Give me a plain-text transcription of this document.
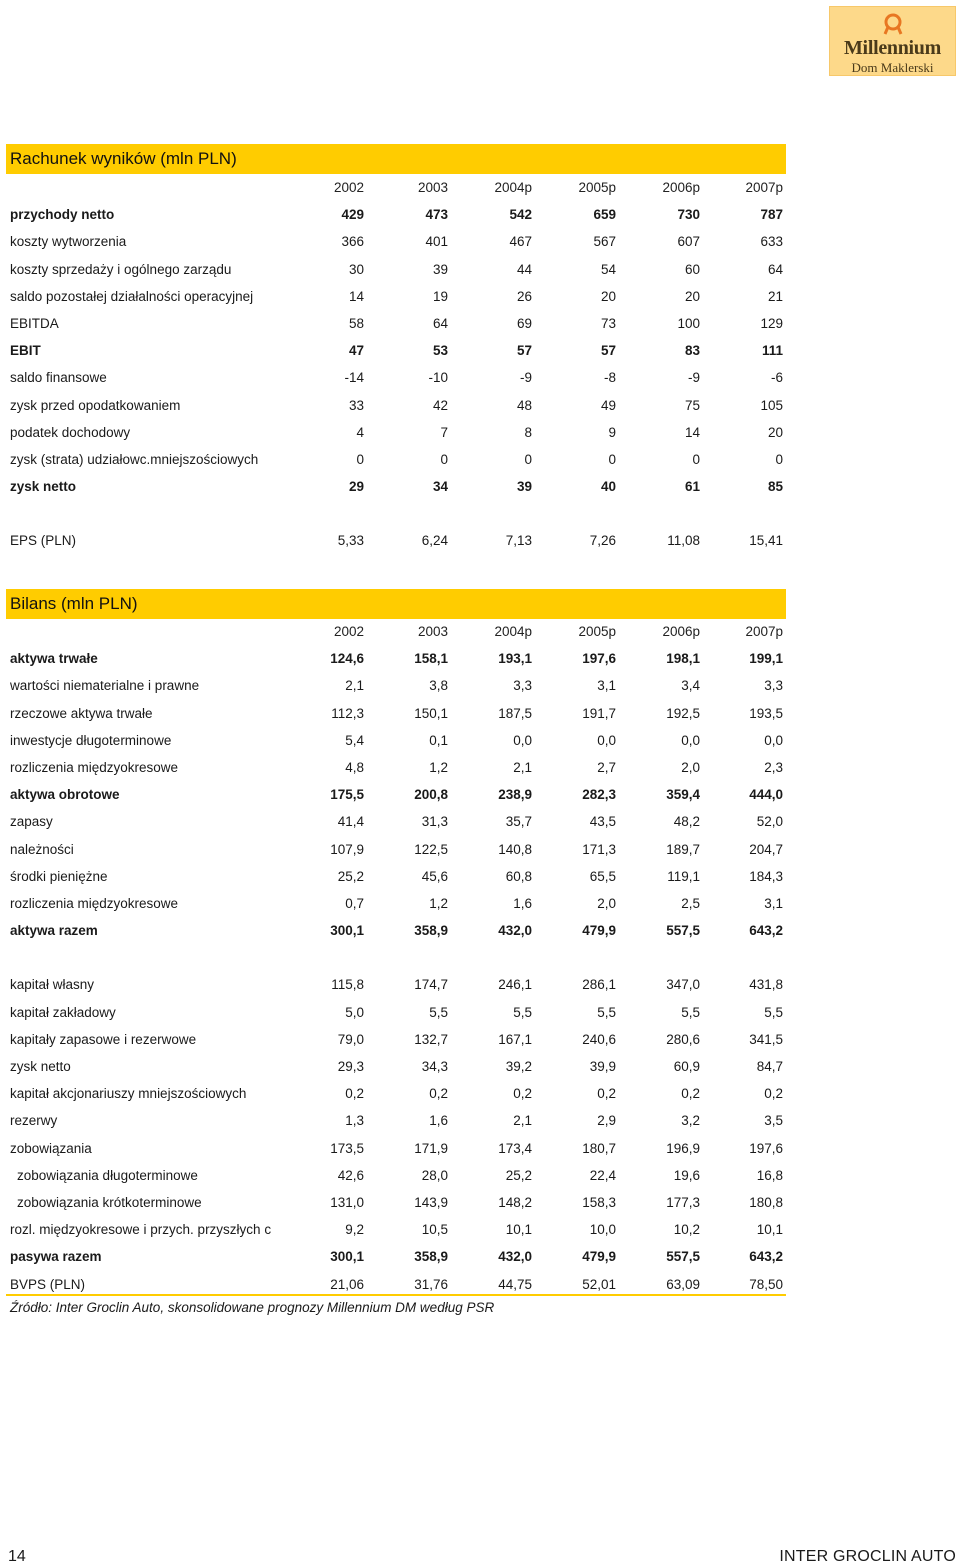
Millennium
Dom Maklerski
Rachunek wyników (mln PLN)
2002	2003	2004p	2005p	2006p	2007p
przychody netto	429	473	542	659	730	787
koszty wytworzenia	366	401	467	567	607	633
koszty sprzedaży i ogólnego zarządu	30	39	44	54	60	64
saldo pozostałej działalności operacyjnej	14	19	26	20	20	21
EBITDA	58	64	69	73	100	129
EBIT	47	53	57	57	83	111
saldo finansowe	-14	-10	-9	-8	-9	-6
zysk przed opodatkowaniem	33	42	48	49	75	105
podatek dochodowy	4	7	8	9	14	20
zysk (strata) udziałowc.mniejszościowych	0	0	0	0	0	0
zysk netto	29	34	39	40	61	85
EPS (PLN)	5,33	6,24	7,13	7,26	11,08	15,41
Bilans (mln PLN)
2002	2003	2004p	2005p	2006p	2007p
aktywa trwałe	124,6	158,1	193,1	197,6	198,1	199,1
wartości niematerialne i prawne	2,1	3,8	3,3	3,1	3,4	3,3
rzeczowe aktywa trwałe	112,3	150,1	187,5	191,7	192,5	193,5
inwestycje długoterminowe	5,4	0,1	0,0	0,0	0,0	0,0
rozliczenia międzyokresowe	4,8	1,2	2,1	2,7	2,0	2,3
aktywa obrotowe	175,5	200,8	238,9	282,3	359,4	444,0
zapasy	41,4	31,3	35,7	43,5	48,2	52,0
należności	107,9	122,5	140,8	171,3	189,7	204,7
środki pieniężne	25,2	45,6	60,8	65,5	119,1	184,3
rozliczenia międzyokresowe	0,7	1,2	1,6	2,0	2,5	3,1
aktywa razem	300,1	358,9	432,0	479,9	557,5	643,2
kapitał własny	115,8	174,7	246,1	286,1	347,0	431,8
kapitał zakładowy	5,0	5,5	5,5	5,5	5,5	5,5
kapitały zapasowe i rezerwowe	79,0	132,7	167,1	240,6	280,6	341,5
zysk netto	29,3	34,3	39,2	39,9	60,9	84,7
kapitał akcjonariuszy mniejszościowych	0,2	0,2	0,2	0,2	0,2	0,2
rezerwy	1,3	1,6	2,1	2,9	3,2	3,5
zobowiązania	173,5	171,9	173,4	180,7	196,9	197,6
zobowiązania długoterminowe	42,6	28,0	25,2	22,4	19,6	16,8
zobowiązania krótkoterminowe	131,0	143,9	148,2	158,3	177,3	180,8
rozl. międzyokresowe i przych. przyszłych c	9,2	10,5	10,1	10,0	10,2	10,1
pasywa razem	300,1	358,9	432,0	479,9	557,5	643,2
BVPS (PLN)	21,06	31,76	44,75	52,01	63,09	78,50
Źródło: Inter Groclin Auto, skonsolidowane prognozy Millennium DM według PSR
14	INTER GROCLIN AUTO
